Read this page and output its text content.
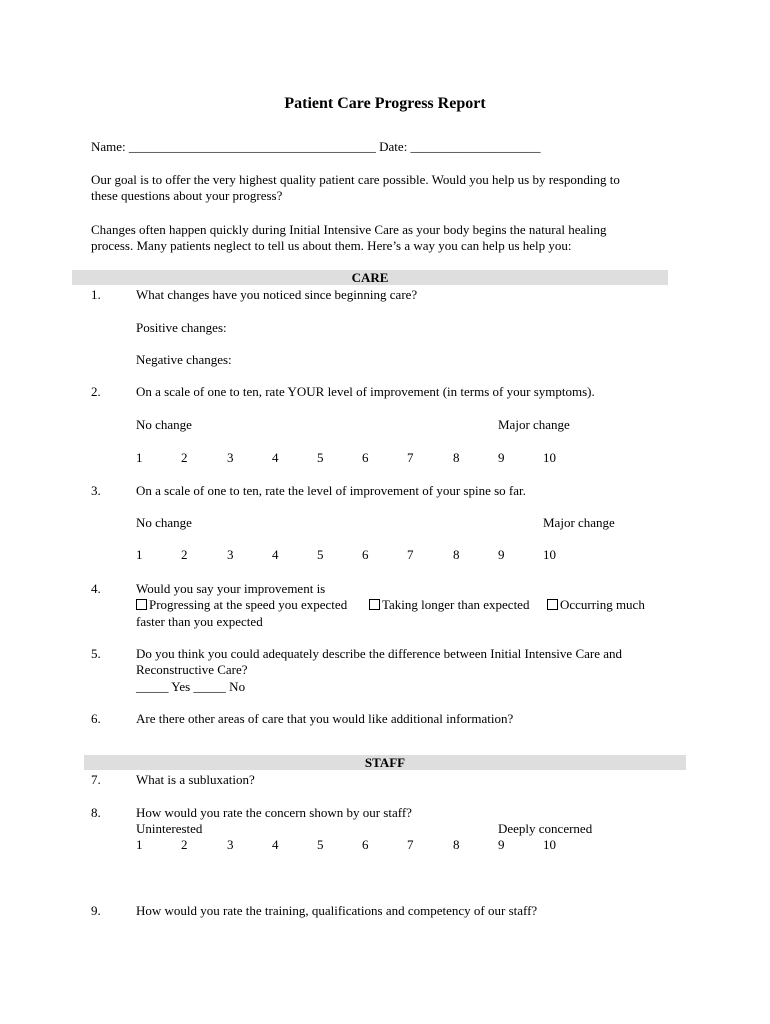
Patient Care Progress Report
Name: ______________________________________ Date: ____________________
Our goal is to offer the very highest quality patient care possible. Would you help us by responding to
these questions about your progress?
Changes often happen quickly during Initial Intensive Care as your body begins the natural healing
process. Many patients neglect to tell us about them. Here’s a way you can help us help you:
CARE
1.	What changes have you noticed since beginning care?
Positive changes:
Negative changes:
2.	On a scale of one to ten, rate YOUR level of improvement (in terms of your symptoms).
No change	Major change
1	2	3	4	5	6	7	8	9	10
3.	On a scale of one to ten, rate the level of improvement of your spine so far.
No change	Major change
1	2	3	4	5	6	7	8	9	10
4.	Would you say your improvement is
Progressing at the speed you expected	Taking longer than expected	Occurring much
faster than you expected
5.	Do you think you could adequately describe the difference between Initial Intensive Care and
Reconstructive Care?
_____ Yes _____ No
6.	Are there other areas of care that you would like additional information?
STAFF
7.	What is a subluxation?
8.	How would you rate the concern shown by our staff?
Uninterested	Deeply concerned
1	2	3	4	5	6	7	8	9	10
9.	How would you rate the training, qualifications and competency of our staff?
